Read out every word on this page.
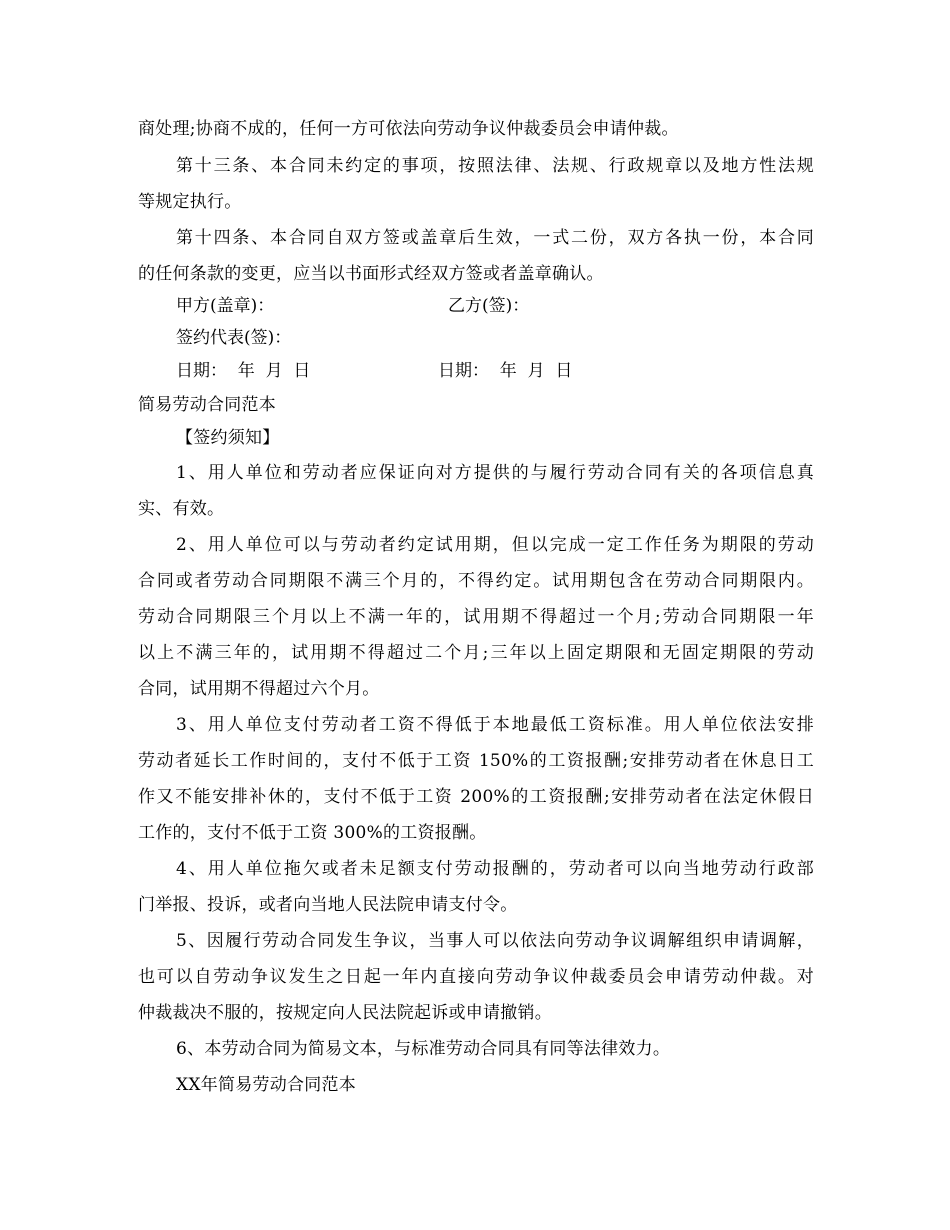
商处理;协商不成的，任何一方可依法向劳动争议仲裁委员会申请仲裁。
第十三条、本合同未约定的事项，按照法律、法规、行政规章以及地方性法规
等规定执行。
第十四条、本合同自双方签或盖章后生效，一式二份，双方各执一份，本合同
的任何条款的变更，应当以书面形式经双方签或者盖章确认。
甲方(盖章)：	乙方(签)：
签约代表(签)：
日期：  年  月  日	日期：  年  月  日
简易劳动合同范本
【签约须知】
1、用人单位和劳动者应保证向对方提供的与履行劳动合同有关的各项信息真
实、有效。
2、用人单位可以与劳动者约定试用期，但以完成一定工作任务为期限的劳动
合同或者劳动合同期限不满三个月的，不得约定。试用期包含在劳动合同期限内。
劳动合同期限三个月以上不满一年的，试用期不得超过一个月;劳动合同期限一年
以上不满三年的，试用期不得超过二个月;三年以上固定期限和无固定期限的劳动
合同，试用期不得超过六个月。
3、用人单位支付劳动者工资不得低于本地最低工资标准。用人单位依法安排
劳动者延长工作时间的，支付不低于工资 150%的工资报酬;安排劳动者在休息日工
作又不能安排补休的，支付不低于工资 200%的工资报酬;安排劳动者在法定休假日
工作的，支付不低于工资 300%的工资报酬。
4、用人单位拖欠或者未足额支付劳动报酬的，劳动者可以向当地劳动行政部
门举报、投诉，或者向当地人民法院申请支付令。
5、因履行劳动合同发生争议，当事人可以依法向劳动争议调解组织申请调解，
也可以自劳动争议发生之日起一年内直接向劳动争议仲裁委员会申请劳动仲裁。对
仲裁裁决不服的，按规定向人民法院起诉或申请撤销。
6、本劳动合同为简易文本，与标准劳动合同具有同等法律效力。
XX年简易劳动合同范本
